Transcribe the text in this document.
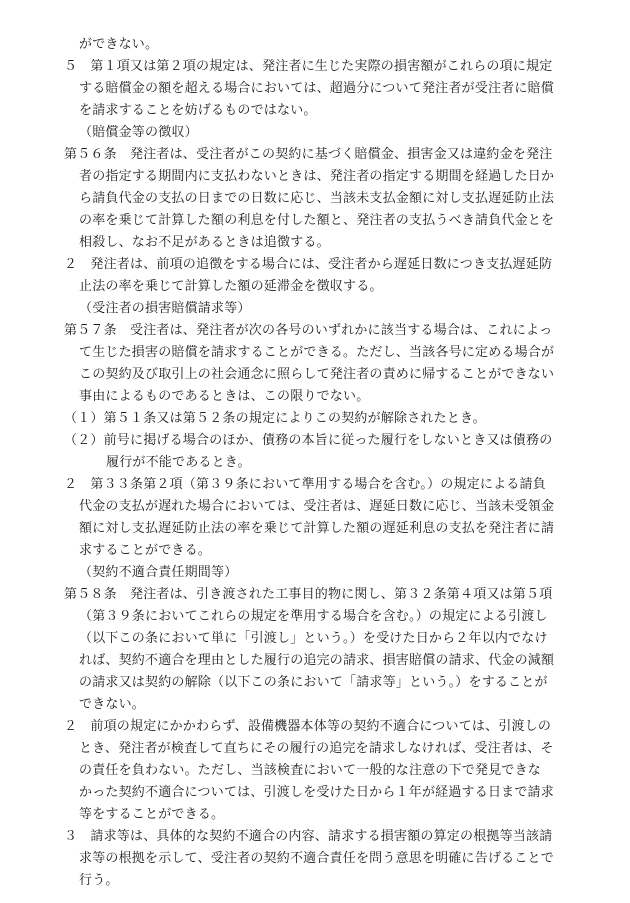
ができない。
５　第１項又は第２項の規定は、発注者に生じた実際の損害額がこれらの項に規定
する賠償金の額を超える場合においては、超過分について発注者が受注者に賠償
を請求することを妨げるものではない。
（賠償金等の徴収）
第５６条　発注者は、受注者がこの契約に基づく賠償金、損害金又は違約金を発注
者の指定する期間内に支払わないときは、発注者の指定する期間を経過した日か
ら請負代金の支払の日までの日数に応じ、当該未支払金額に対し支払遅延防止法
の率を乗じて計算した額の利息を付した額と、発注者の支払うべき請負代金とを
相殺し、なお不足があるときは追徴する。
２　発注者は、前項の追徴をする場合には、受注者から遅延日数につき支払遅延防
止法の率を乗じて計算した額の延滞金を徴収する。
（受注者の損害賠償請求等）
第５７条　受注者は、発注者が次の各号のいずれかに該当する場合は、これによっ
て生じた損害の賠償を請求することができる。ただし、当該各号に定める場合が
この契約及び取引上の社会通念に照らして発注者の責めに帰することができない
事由によるものであるときは、この限りでない。
（１）第５１条又は第５２条の規定によりこの契約が解除されたとき。
（２）前号に掲げる場合のほか、債務の本旨に従った履行をしないとき又は債務の
履行が不能であるとき。
２　第３３条第２項（第３９条において準用する場合を含む。）の規定による請負
代金の支払が遅れた場合においては、受注者は、遅延日数に応じ、当該未受領金
額に対し支払遅延防止法の率を乗じて計算した額の遅延利息の支払を発注者に請
求することができる。
（契約不適合責任期間等）
第５８条　発注者は、引き渡された工事目的物に関し、第３２条第４項又は第５項
（第３９条においてこれらの規定を準用する場合を含む。）の規定による引渡し
（以下この条において単に「引渡し」という。）を受けた日から２年以内でなけ
れば、契約不適合を理由とした履行の追完の請求、損害賠償の請求、代金の減額
の請求又は契約の解除（以下この条において「請求等」という。）をすることが
できない。
２　前項の規定にかかわらず、設備機器本体等の契約不適合については、引渡しの
とき、発注者が検査して直ちにその履行の追完を請求しなければ、受注者は、そ
の責任を負わない。ただし、当該検査において一般的な注意の下で発見できな
かった契約不適合については、引渡しを受けた日から１年が経過する日まで請求
等をすることができる。
３　請求等は、具体的な契約不適合の内容、請求する損害額の算定の根拠等当該請
求等の根拠を示して、受注者の契約不適合責任を問う意思を明確に告げることで
行う。
